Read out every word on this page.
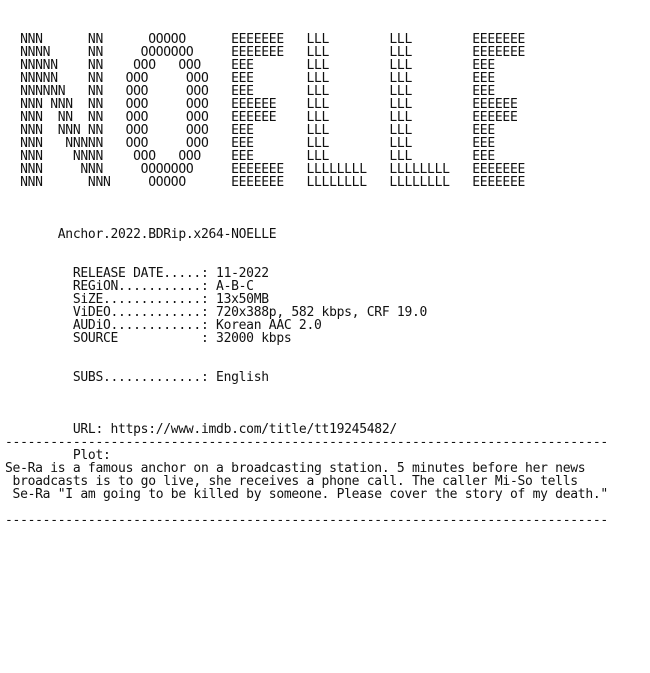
NNN      NN      OOOOO      EEEEEEE   LLL        LLL        EEEEEEE
NNNN     NN     OOOOOOO     EEEEEEE   LLL        LLL        EEEEEEE
NNNNN    NN    OOO   OOO    EEE       LLL        LLL        EEE
NNNNN    NN   OOO     OOO   EEE       LLL        LLL        EEE
NNNNNN   NN   OOO     OOO   EEE       LLL        LLL        EEE
NNN NNN  NN   OOO     OOO   EEEEEE    LLL        LLL        EEEEEE
NNN  NN  NN   OOO     OOO   EEEEEE    LLL        LLL        EEEEEE
NNN  NNN NN   OOO     OOO   EEE       LLL        LLL        EEE
NNN   NNNNN   OOO     OOO   EEE       LLL        LLL        EEE
NNN    NNNN    OOO   OOO    EEE       LLL        LLL        EEE
NNN     NNN     OOOOOOO     EEEEEEE   LLLLLLLL   LLLLLLLL   EEEEEEE
NNN      NNN     OOOOO      EEEEEEE   LLLLLLLL   LLLLLLLL   EEEEEEE
Anchor.2022.BDRip.x264-NOELLE
RELEASE DATE.....: 11-2022
REGiON...........: A-B-C
SiZE.............: 13x50MB
ViDEO............: 720x388p, 582 kbps, CRF 19.0
AUDiO............: Korean AAC 2.0
SOURCE           : 32000 kbps
SUBS.............: English
URL: https://www.imdb.com/title/tt19245482/
--------------------------------------------------------------------------------
Plot:
Se-Ra is a famous anchor on a broadcasting station. 5 minutes before her news
broadcasts is to go live, she receives a phone call. The caller Mi-So tells
Se-Ra "I am going to be killed by someone. Please cover the story of my death."
--------------------------------------------------------------------------------
